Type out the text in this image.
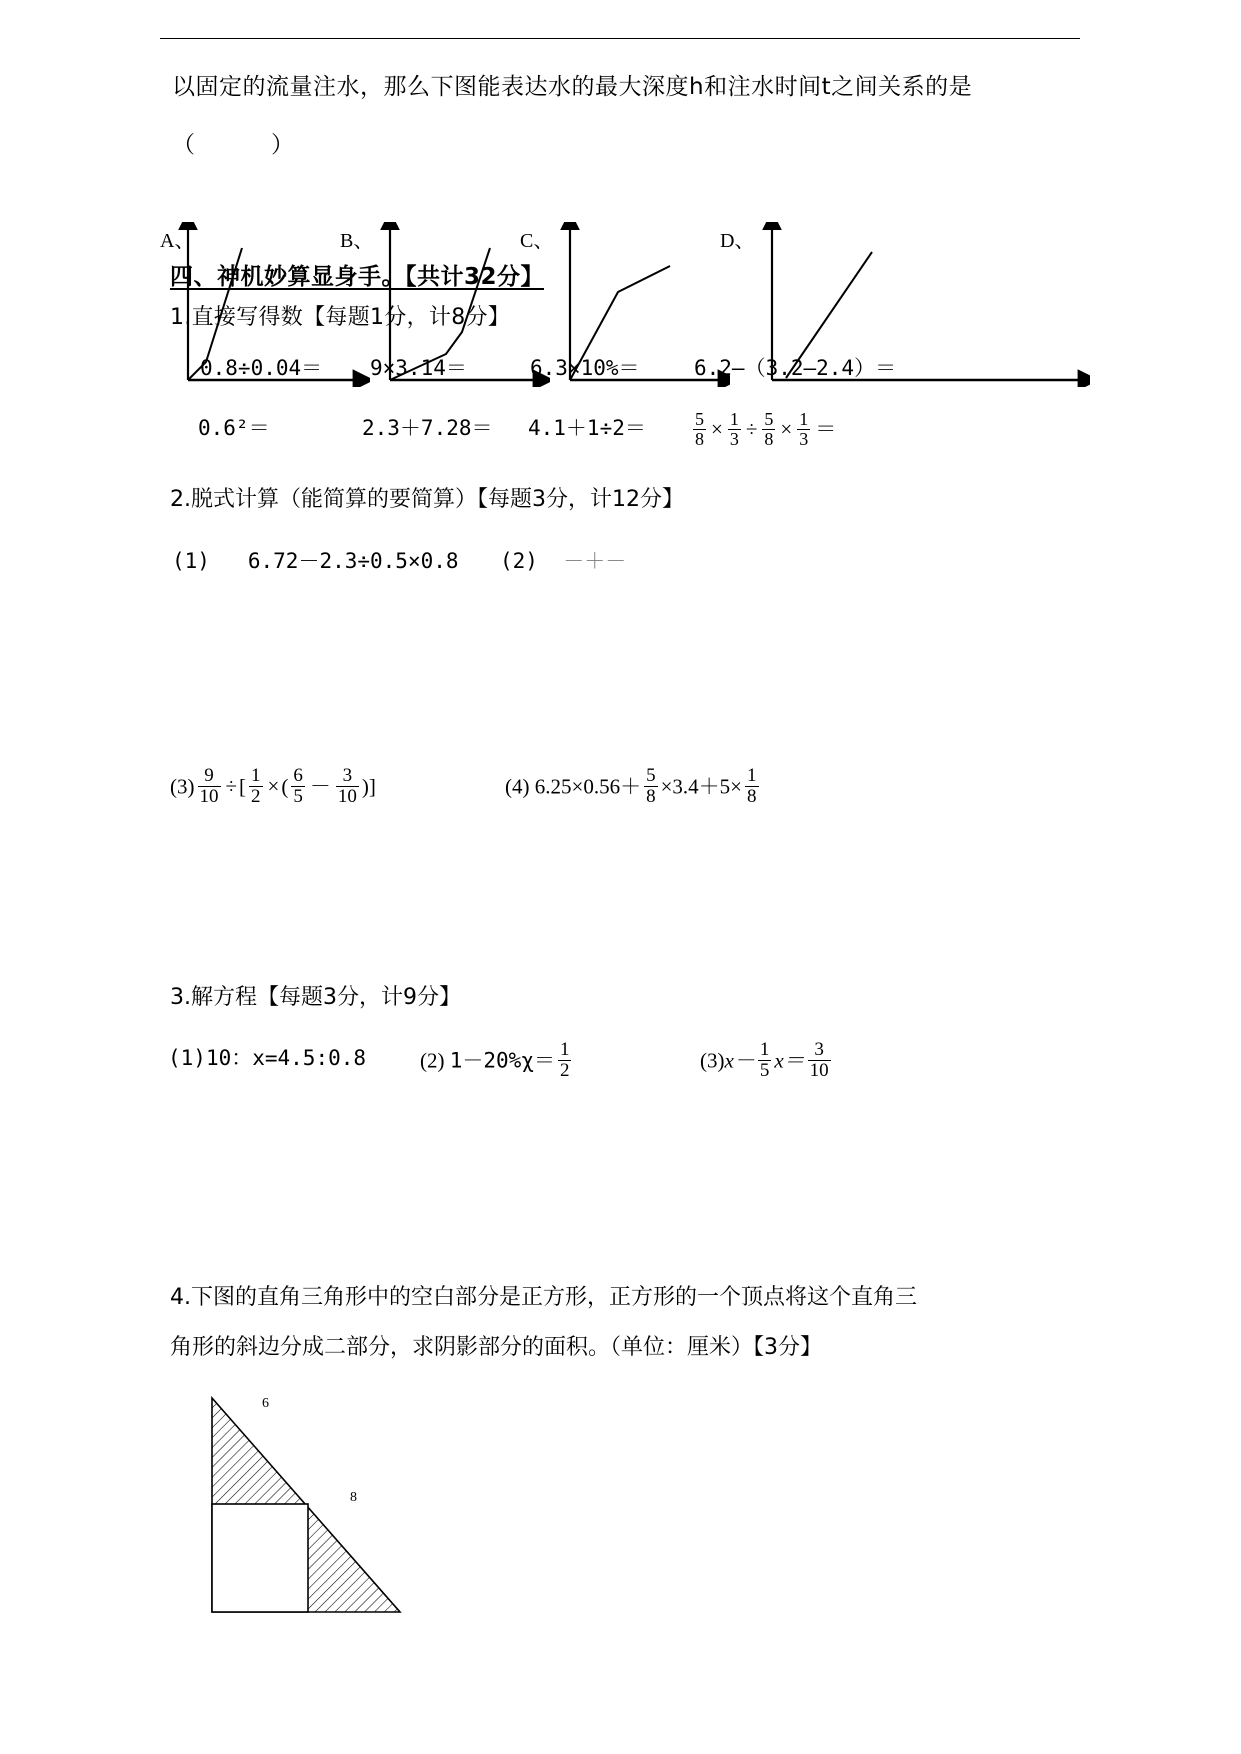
以固定的流量注水，那么下图能表达水的最大深度h和注水时间t之间关系的是
（　　）
A、	B、	C、	D、
四、神机妙算显身手。【共计32分】
1.直接写得数【每题1分，计8分】
0.8÷0.04＝ 9×3.14＝	6.3×10%＝	6.2—（3.2—2.4）＝
0.6²＝	2.3＋7.28＝ 4.1＋1÷2＝	$\frac{5}{8} \times \frac{1}{3} \div \frac{5}{8} \times \frac{1}{3}$ ＝
2.脱式计算（能简算的要简算）【每题3分，计12分】
(1) 6.72－2.3÷0.5×0.8 (2) －＋－
$(3) \frac{9}{10}$ ÷[ $\frac{1}{2}$ ×( $\frac{6}{5} - \frac{3}{10}$ )]	(4) $6.25\times 0.56+ \frac{5}{8} \times 3.4+5\times \frac{1}{8}$
3.解方程【每题3分，计9分】
(1)10：x=4.5:0.8	(2) $1-20\%\chi= \frac{1}{2}$	$(3)x- \frac{1}{5} x= \frac{3}{10}$
4.下图的直角三角形中的空白部分是正方形，正方形的一个顶点将这个直角三
角形的斜边分成二部分，求阴影部分的面积。（单位：厘米）【3分】
6
8
